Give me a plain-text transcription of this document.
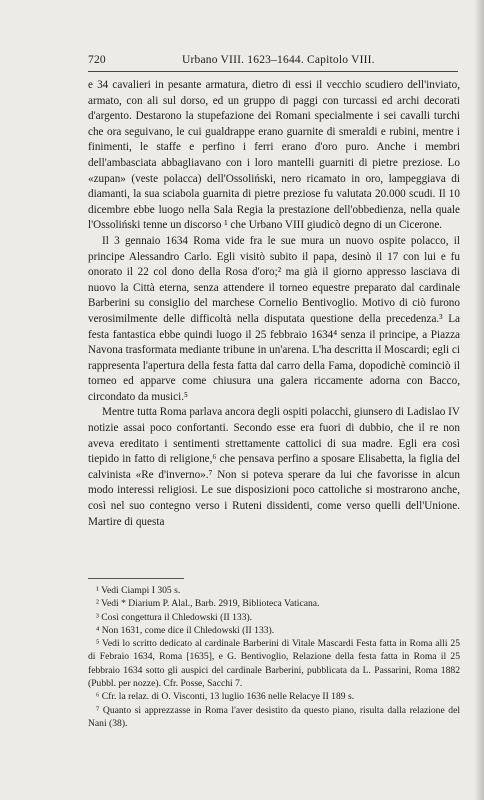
720	Urbano VIII. 1623–1644. Capitolo VIII.

e 34 cavalieri in pesante armatura, dietro di essi il vecchio scudiero dell'inviato, armato, con ali sul dorso, ed un gruppo di paggi con turcassi ed archi decorati d'argento. Destarono la stupefazione dei Romani specialmente i sei cavalli turchi che ora seguivano, le cui gualdrappe erano guarnite di smeraldi e rubini, mentre i finimenti, le staffe e perfino i ferri erano d'oro puro. Anche i membri dell'ambasciata abbagliavano con i loro mantelli guarniti di pietre preziose. Lo «zupan» (veste polacca) dell'Ossoliński, nero ricamato in oro, lampeggiava di diamanti, la sua sciabola guarnita di pietre preziose fu valutata 20.000 scudi. Il 10 dicembre ebbe luogo nella Sala Regia la prestazione dell'obbedienza, nella quale l'Ossoliński tenne un discorso ¹ che Urbano VIII giudicò degno di un Cicerone.

Il 3 gennaio 1634 Roma vide fra le sue mura un nuovo ospite polacco, il principe Alessandro Carlo. Egli visitò subito il papa, desinò il 17 con lui e fu onorato il 22 col dono della Rosa d'oro;² ma già il giorno appresso lasciava di nuovo la Città eterna, senza attendere il torneo equestre preparato dal cardinale Barberini su consiglio del marchese Cornelio Bentivoglio. Motivo di ciò furono verosimilmente delle difficoltà nella disputata questione della precedenza.³ La festa fantastica ebbe quindi luogo il 25 febbraio 1634⁴ senza il principe, a Piazza Navona trasformata mediante tribune in un'arena. L'ha descritta il Moscardi; egli ci rappresenta l'apertura della festa fatta dal carro della Fama, dopodichè cominciò il torneo ed apparve come chiusura una galera riccamente adorna con Bacco, circondato da musici.⁵

Mentre tutta Roma parlava ancora degli ospiti polacchi, giunsero di Ladislao IV notizie assai poco confortanti. Secondo esse era fuori di dubbio, che il re non aveva ereditato i sentimenti strettamente cattolici di sua madre. Egli era così tiepido in fatto di religione,⁶ che pensava perfino a sposare Elisabetta, la figlia del calvinista «Re d'inverno».⁷ Non si poteva sperare da lui che favorisse in alcun modo interessi religiosi. Le sue disposizioni poco cattoliche si mostrarono anche, così nel suo contegno verso i Ruteni dissidenti, come verso quelli dell'Unione. Martire di questa

¹ Vedi Ciampi I 305 s.

² Vedi * Diarium P. Alal., Barb. 2919, Biblioteca Vaticana.

³ Così congettura il Chledowski (II 133).

⁴ Non 1631, come dice il Chledowski (II 133).

⁵ Vedi lo scritto dedicato al cardinale Barberini di Vitale Mascardi Festa fatta in Roma alli 25 di Febraio 1634, Roma [1635], e G. Bentivoglio, Relazione della festa fatta in Roma il 25 febbraio 1634 sotto gli auspici del cardinale Barberini, pubblicata da L. Passarini, Roma 1882 (Pubbl. per nozze). Cfr. Posse, Sacchi 7.

⁶ Cfr. la relaz. di O. Visconti, 13 luglio 1636 nelle Relacye II 189 s.

⁷ Quanto si apprezzasse in Roma l'aver desistito da questo piano, risulta dalla relazione del Nani (38).
